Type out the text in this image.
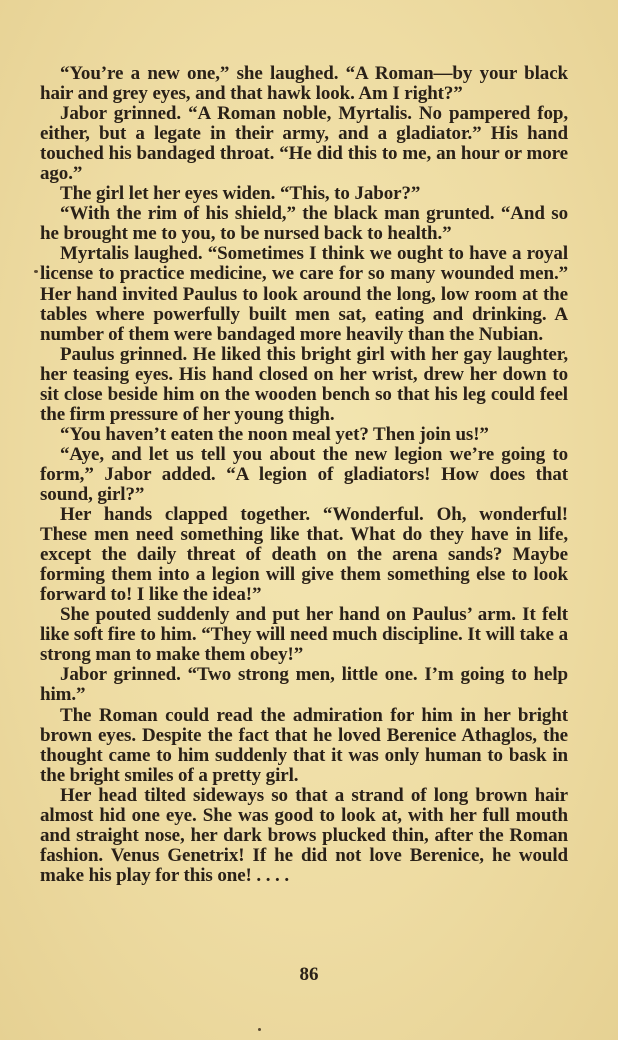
“You’re a new one,” she laughed. “A Roman—by your black hair and grey eyes, and that hawk look. Am I right?”

Jabor grinned. “A Roman noble, Myrtalis. No pampered fop, either, but a legate in their army, and a gladiator.” His hand touched his bandaged throat. “He did this to me, an hour or more ago.”

The girl let her eyes widen. “This, to Jabor?”

“With the rim of his shield,” the black man grunted. “And so he brought me to you, to be nursed back to health.”

Myrtalis laughed. “Sometimes I think we ought to have a royal license to practice medicine, we care for so many wounded men.” Her hand invited Paulus to look around the long, low room at the tables where powerfully built men sat, eating and drinking. A number of them were bandaged more heavily than the Nubian.

Paulus grinned. He liked this bright girl with her gay laughter, her teasing eyes. His hand closed on her wrist, drew her down to sit close beside him on the wooden bench so that his leg could feel the firm pressure of her young thigh.

“You haven’t eaten the noon meal yet? Then join us!”

“Aye, and let us tell you about the new legion we’re going to form,” Jabor added. “A legion of gladiators! How does that sound, girl?”

Her hands clapped together. “Wonderful. Oh, wonderful! These men need something like that. What do they have in life, except the daily threat of death on the arena sands? Maybe forming them into a legion will give them something else to look forward to! I like the idea!”

She pouted suddenly and put her hand on Paulus’ arm. It felt like soft fire to him. “They will need much discipline. It will take a strong man to make them obey!”

Jabor grinned. “Two strong men, little one. I’m going to help him.”

The Roman could read the admiration for him in her bright brown eyes. Despite the fact that he loved Berenice Athaglos, the thought came to him suddenly that it was only human to bask in the bright smiles of a pretty girl.

Her head tilted sideways so that a strand of long brown hair almost hid one eye. She was good to look at, with her full mouth and straight nose, her dark brows plucked thin, after the Roman fashion. Venus Genetrix! If he did not love Berenice, he would make his play for this one! . . . .

86
